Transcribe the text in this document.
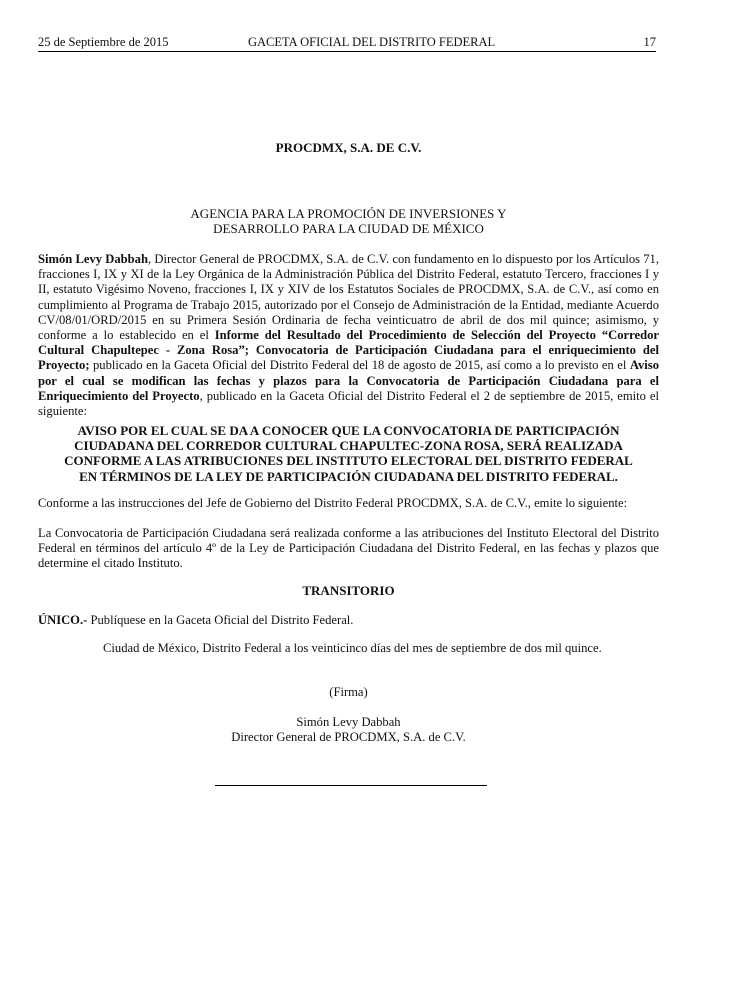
25 de Septiembre de 2015	GACETA OFICIAL DEL DISTRITO FEDERAL	17
PROCDMX, S.A. DE C.V.
AGENCIA PARA LA PROMOCIÓN DE INVERSIONES Y
DESARROLLO PARA LA CIUDAD DE MÉXICO
Simón Levy Dabbah, Director General de PROCDMX, S.A. de C.V. con fundamento en lo dispuesto por los Artículos 71, fracciones I, IX y XI de la Ley Orgánica de la Administración Pública del Distrito Federal, estatuto Tercero, fracciones I y II, estatuto Vigésimo Noveno, fracciones I, IX y XIV de los Estatutos Sociales de PROCDMX, S.A. de C.V., así como en cumplimiento al Programa de Trabajo 2015, autorizado por el Consejo de Administración de la Entidad, mediante Acuerdo CV/08/01/ORD/2015 en su Primera Sesión Ordinaria de fecha veinticuatro de abril de dos mil quince; asimismo, y conforme a lo establecido en el Informe del Resultado del Procedimiento de Selección del Proyecto “Corredor Cultural Chapultepec - Zona Rosa”; Convocatoria de Participación Ciudadana para el enriquecimiento del Proyecto; publicado en la Gaceta Oficial del Distrito Federal del 18 de agosto de 2015, así como a lo previsto en el Aviso por el cual se modifican las fechas y plazos para la Convocatoria de Participación Ciudadana para el Enriquecimiento del Proyecto, publicado en la Gaceta Oficial del Distrito Federal el 2 de septiembre de 2015, emito el siguiente:
AVISO POR EL CUAL SE DA A CONOCER QUE LA CONVOCATORIA DE PARTICIPACIÓN
CIUDADANA DEL CORREDOR CULTURAL CHAPULTEC-ZONA ROSA, SERÁ REALIZADA
CONFORME A LAS ATRIBUCIONES DEL INSTITUTO ELECTORAL DEL DISTRITO FEDERAL
EN TÉRMINOS DE LA LEY DE PARTICIPACIÓN CIUDADANA DEL DISTRITO FEDERAL.
Conforme a las instrucciones del Jefe de Gobierno del Distrito Federal PROCDMX, S.A. de C.V., emite lo siguiente:
La Convocatoria de Participación Ciudadana será realizada conforme a las atribuciones del Instituto Electoral del Distrito Federal en términos del artículo 4º de la Ley de Participación Ciudadana del Distrito Federal, en las fechas y plazos que determine el citado Instituto.
TRANSITORIO
ÚNICO.- Publíquese en la Gaceta Oficial del Distrito Federal.
Ciudad de México, Distrito Federal a los veinticinco días del mes de septiembre de dos mil quince.
(Firma)
Simón Levy Dabbah
Director General de PROCDMX, S.A. de C.V.
